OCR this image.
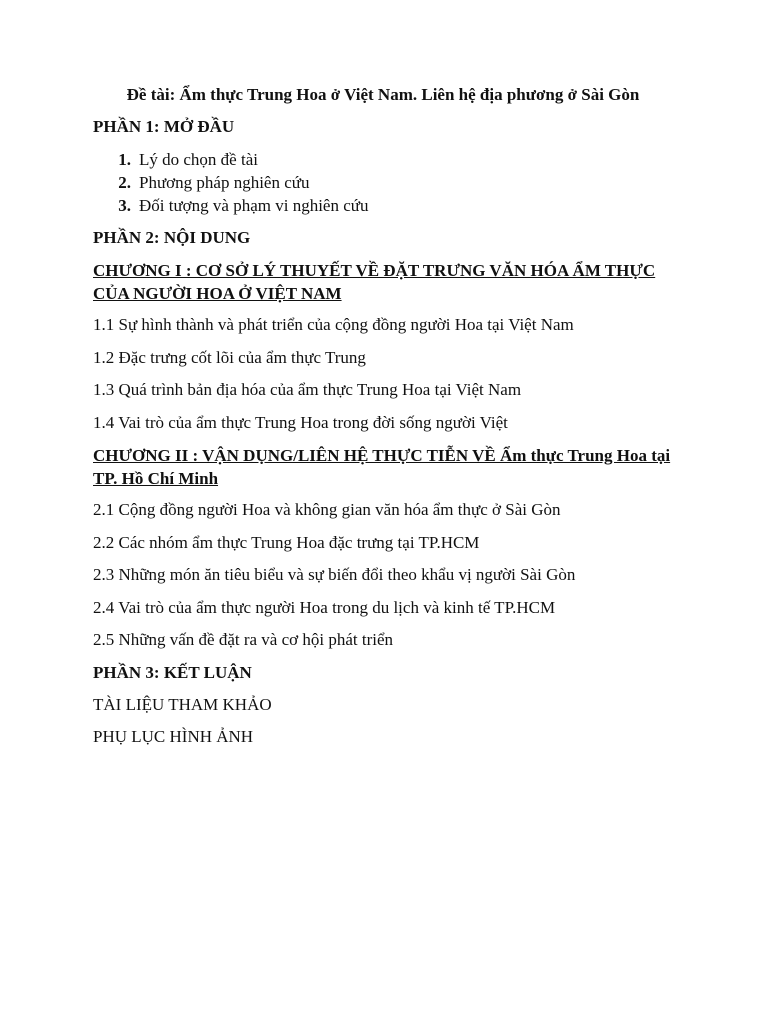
Đề tài: Ẩm thực Trung Hoa ở Việt Nam. Liên hệ địa phương ở Sài Gòn
PHẦN 1: MỞ ĐẦU
1. Lý do chọn đề tài
2. Phương pháp nghiên cứu
3. Đối tượng và phạm vi nghiên cứu
PHẦN 2: NỘI DUNG
CHƯƠNG I : CƠ SỞ LÝ THUYẾT VỀ ĐẶT TRƯNG VĂN HÓA ẨM THỰC CỦA NGƯỜI HOA Ở VIỆT NAM
1.1 Sự hình thành và phát triển của cộng đồng người Hoa tại Việt Nam
1.2 Đặc trưng cốt lõi của ẩm thực Trung
1.3 Quá trình bản địa hóa của ẩm thực Trung Hoa tại Việt Nam
1.4 Vai trò của ẩm thực Trung Hoa trong đời sống người Việt
CHƯƠNG II : VẬN DỤNG/LIÊN HỆ THỰC TIỄN VỀ Ẩm thực Trung Hoa tại TP. Hồ Chí Minh
2.1 Cộng đồng người Hoa và không gian văn hóa ẩm thực ở Sài Gòn
2.2 Các nhóm ẩm thực Trung Hoa đặc trưng tại TP.HCM
2.3 Những món ăn tiêu biểu và sự biến đổi theo khẩu vị người Sài Gòn
2.4 Vai trò của ẩm thực người Hoa trong du lịch và kinh tế TP.HCM
2.5 Những vấn đề đặt ra và cơ hội phát triển
PHẦN 3: KẾT LUẬN
TÀI LIỆU THAM KHẢO
PHỤ LỤC HÌNH ẢNH
